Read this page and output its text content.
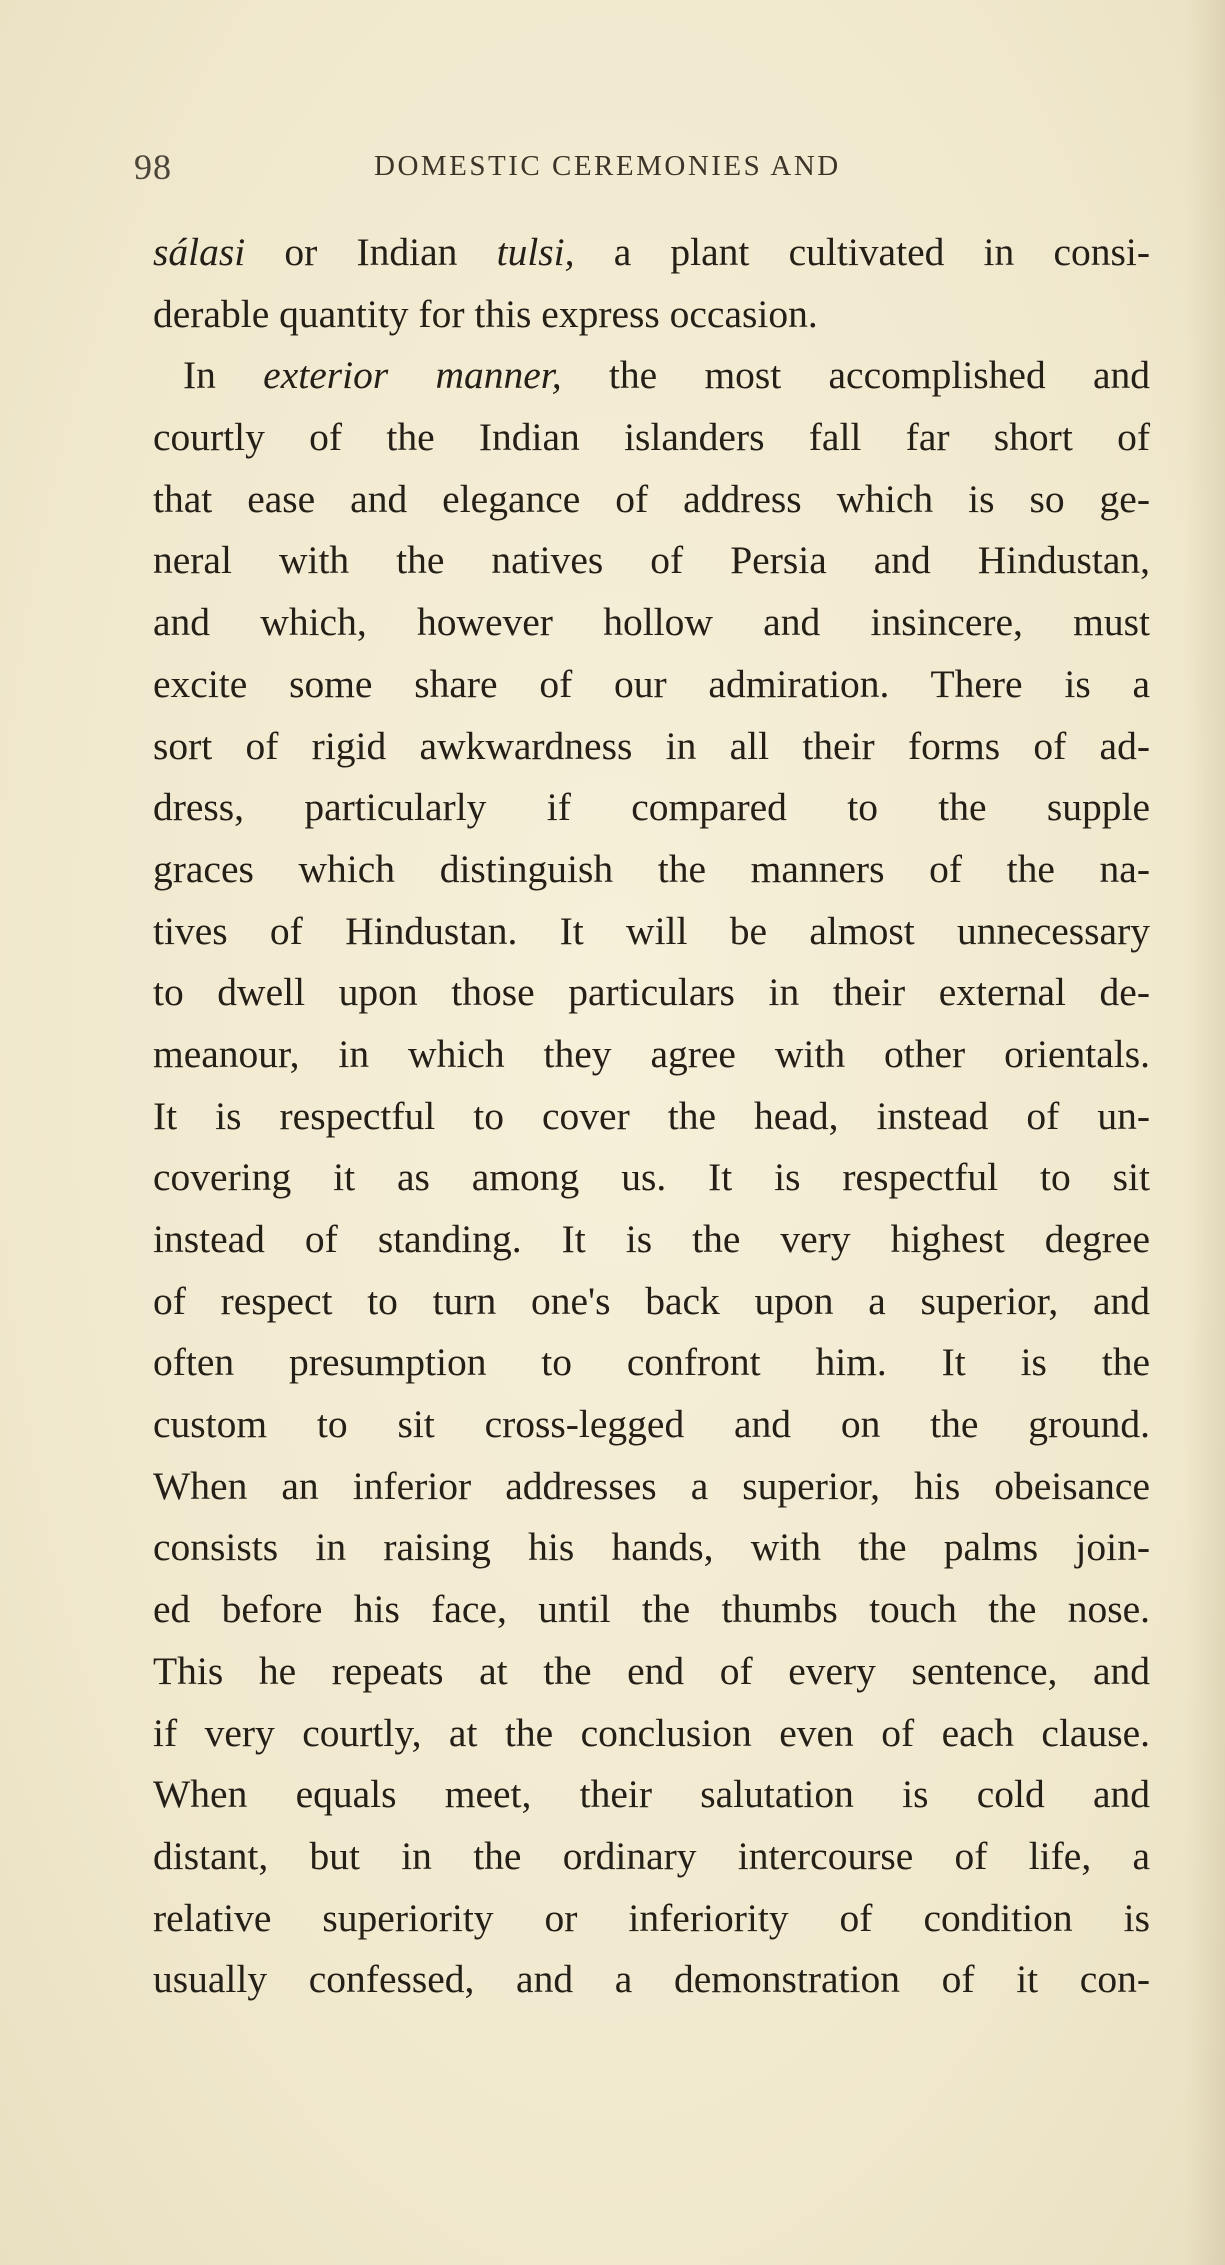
98	DOMESTIC CEREMONIES AND
sálasi or Indian tulsi, a plant cultivated in consi-
derable quantity for this express occasion.
In exterior manner, the most accomplished and
courtly of the Indian islanders fall far short of
that ease and elegance of address which is so ge-
neral with the natives of Persia and Hindustan,
and which, however hollow and insincere, must
excite some share of our admiration. There is a
sort of rigid awkwardness in all their forms of ad-
dress, particularly if compared to the supple
graces which distinguish the manners of the na-
tives of Hindustan. It will be almost unnecessary
to dwell upon those particulars in their external de-
meanour, in which they agree with other orientals.
It is respectful to cover the head, instead of un-
covering it as among us. It is respectful to sit
instead of standing. It is the very highest degree
of respect to turn one's back upon a superior, and
often presumption to confront him. It is the
custom to sit cross-legged and on the ground.
When an inferior addresses a superior, his obeisance
consists in raising his hands, with the palms join-
ed before his face, until the thumbs touch the nose.
This he repeats at the end of every sentence, and
if very courtly, at the conclusion even of each clause.
When equals meet, their salutation is cold and
distant, but in the ordinary intercourse of life, a
relative superiority or inferiority of condition is
usually confessed, and a demonstration of it con-
